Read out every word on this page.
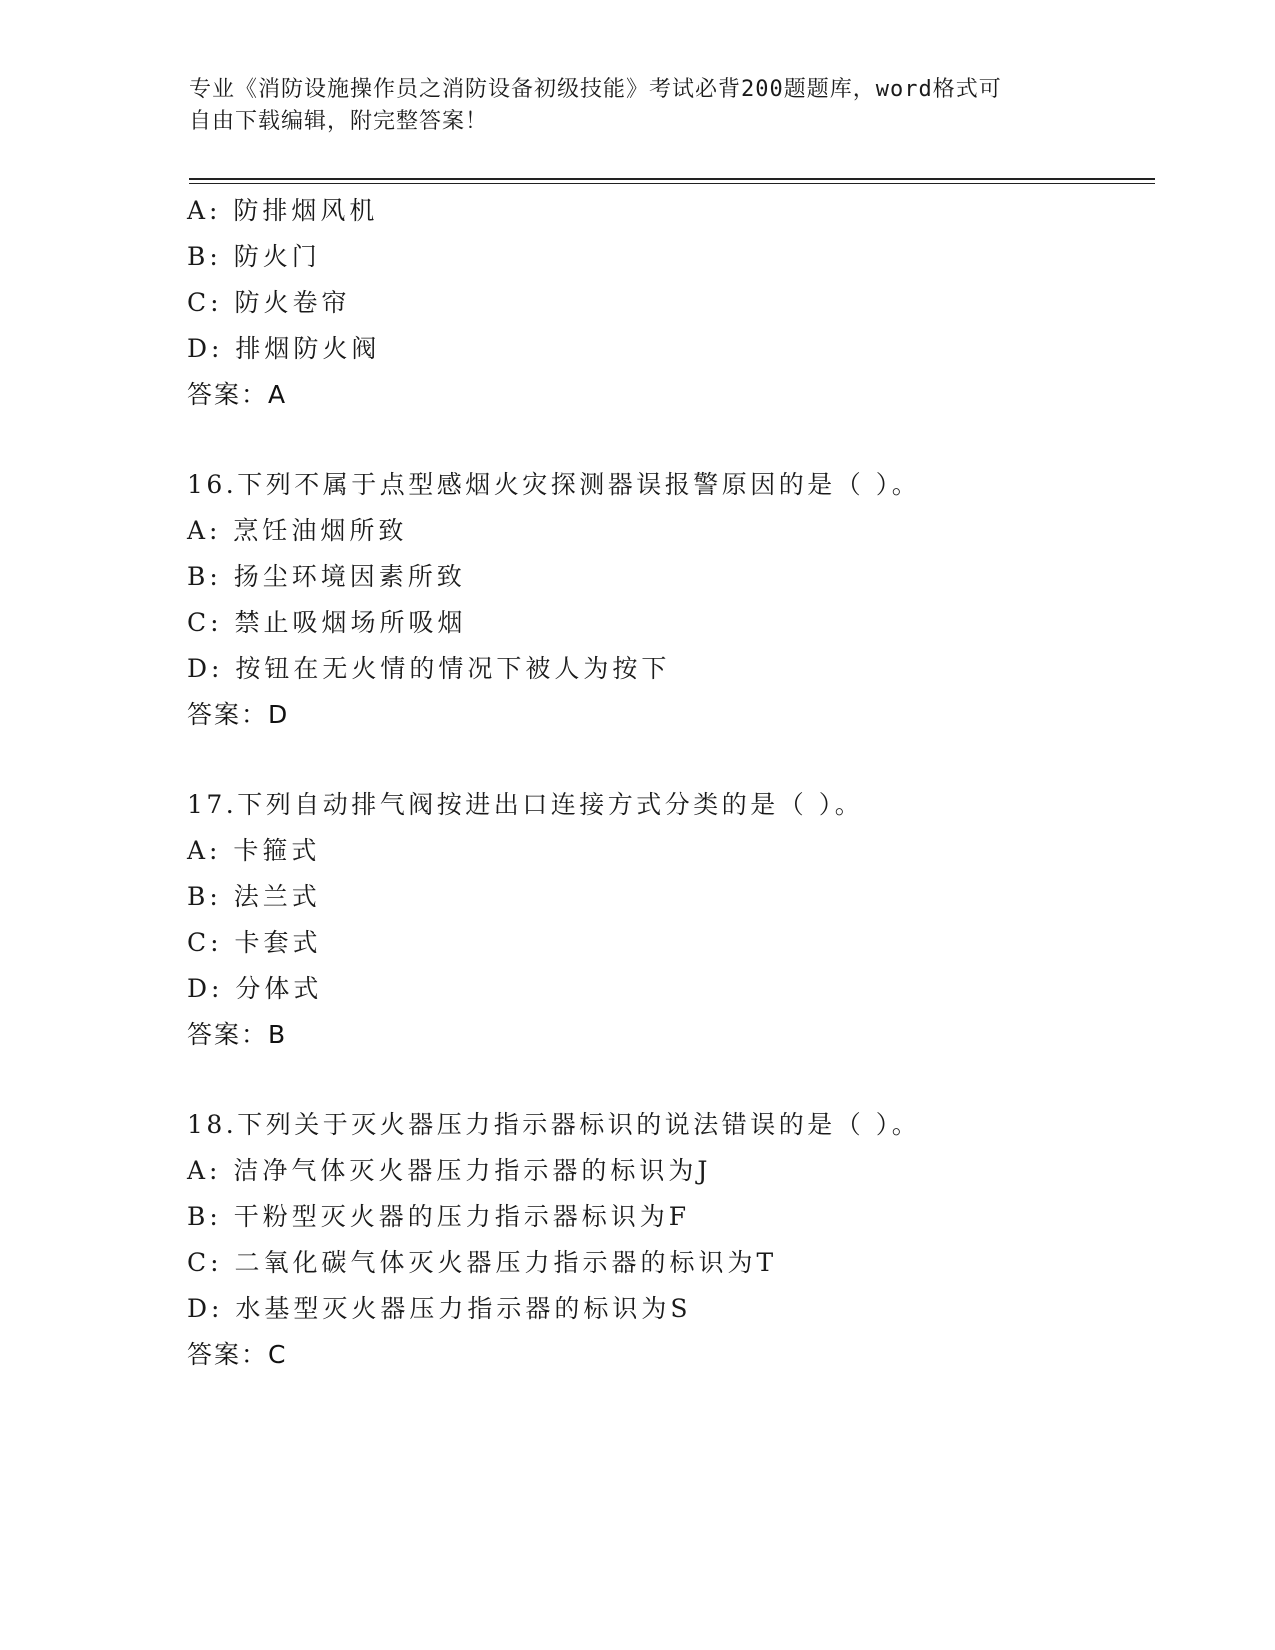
专业《消防设施操作员之消防设备初级技能》考试必背200题题库，word格式可
自由下载编辑，附完整答案！
A: 防排烟风机
B: 防火门
C: 防火卷帘
D: 排烟防火阀
答案：A
16.下列不属于点型感烟火灾探测器误报警原因的是（ ）。
A: 烹饪油烟所致
B: 扬尘环境因素所致
C: 禁止吸烟场所吸烟
D: 按钮在无火情的情况下被人为按下
答案：D
17.下列自动排气阀按进出口连接方式分类的是（ ）。
A: 卡箍式
B: 法兰式
C: 卡套式
D: 分体式
答案：B
18.下列关于灭火器压力指示器标识的说法错误的是（ ）。
A: 洁净气体灭火器压力指示器的标识为J
B: 干粉型灭火器的压力指示器标识为F
C: 二氧化碳气体灭火器压力指示器的标识为T
D: 水基型灭火器压力指示器的标识为S
答案：C
